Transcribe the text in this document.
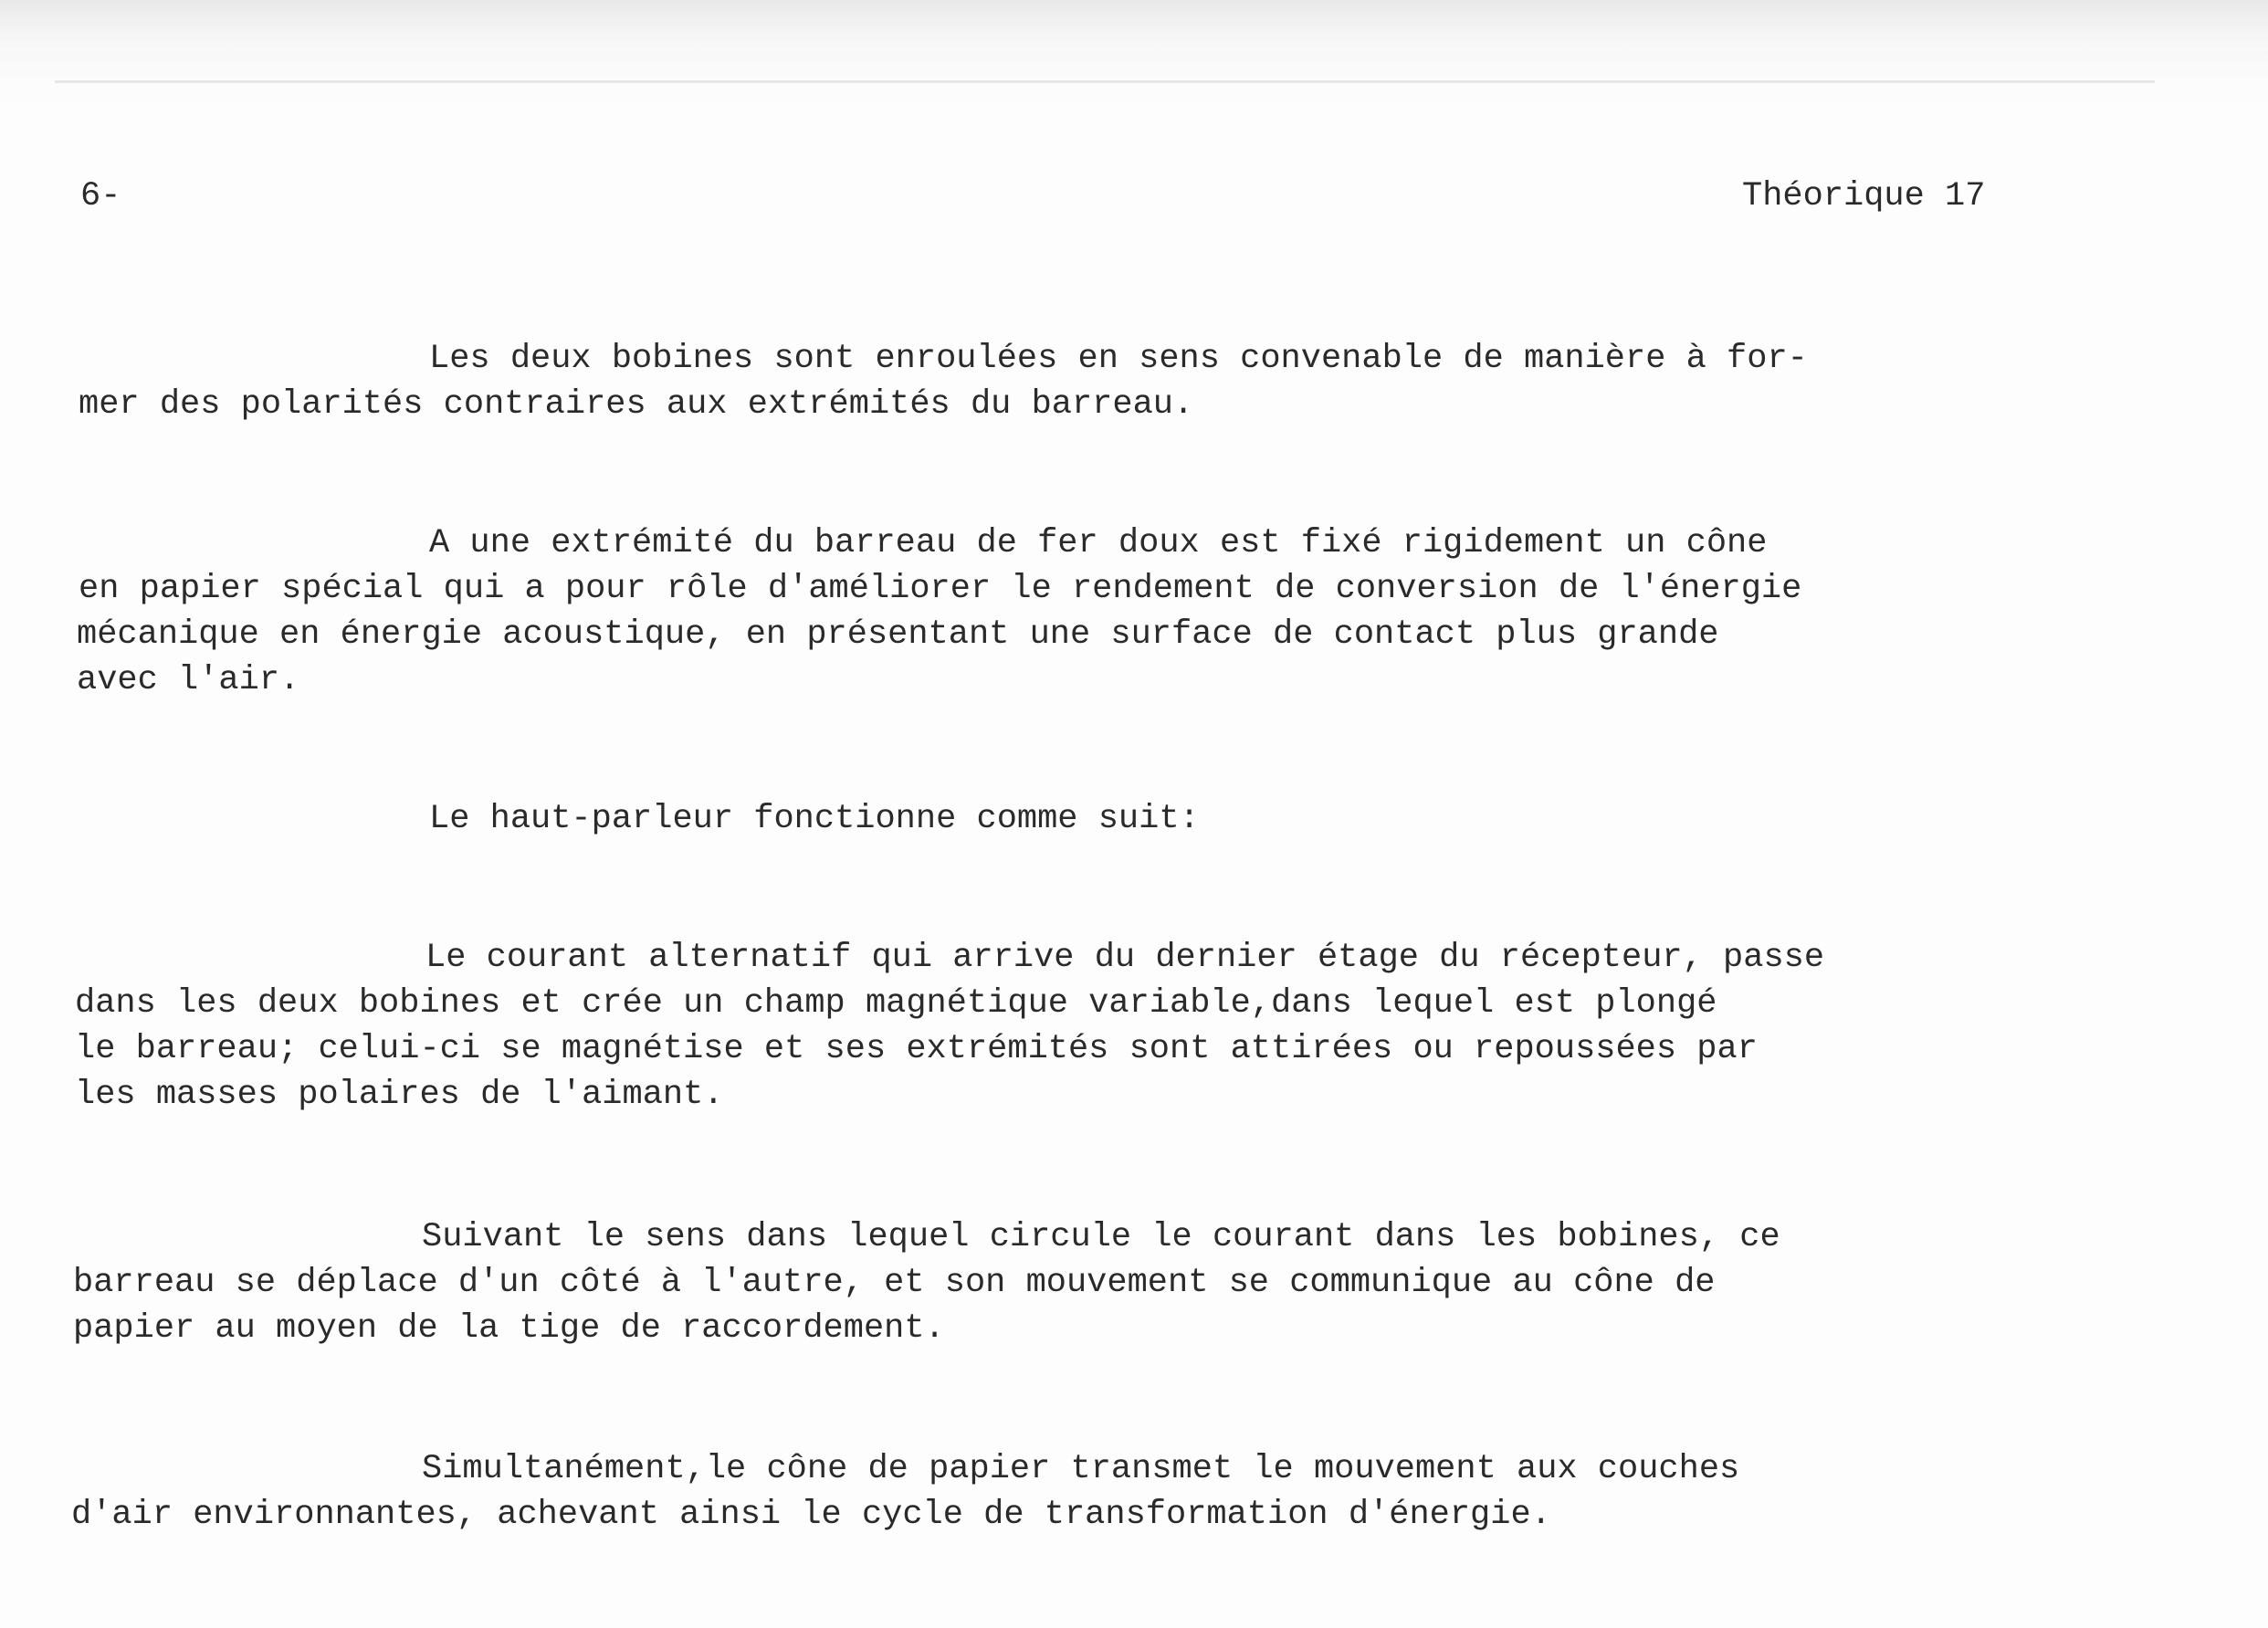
6-	Théorique 17
Les deux bobines sont enroulées en sens convenable de manière à for-
mer des polarités contraires aux extrémités du barreau.
A une extrémité du barreau de fer doux est fixé rigidement un cône
en papier spécial qui a pour rôle d'améliorer le rendement de conversion de l'énergie
mécanique en énergie acoustique, en présentant une surface de contact plus grande
avec l'air.
Le haut-parleur fonctionne comme suit:
Le courant alternatif qui arrive du dernier étage du récepteur, passe
dans les deux bobines et crée un champ magnétique variable,dans lequel est plongé
le barreau; celui-ci se magnétise et ses extrémités sont attirées ou repoussées par
les masses polaires de l'aimant.
Suivant le sens dans lequel circule le courant dans les bobines, ce
barreau se déplace d'un côté à l'autre, et son mouvement se communique au cône de
papier au moyen de la tige de raccordement.
Simultanément,le cône de papier transmet le mouvement aux couches
d'air environnantes, achevant ainsi le cycle de transformation d'énergie.
